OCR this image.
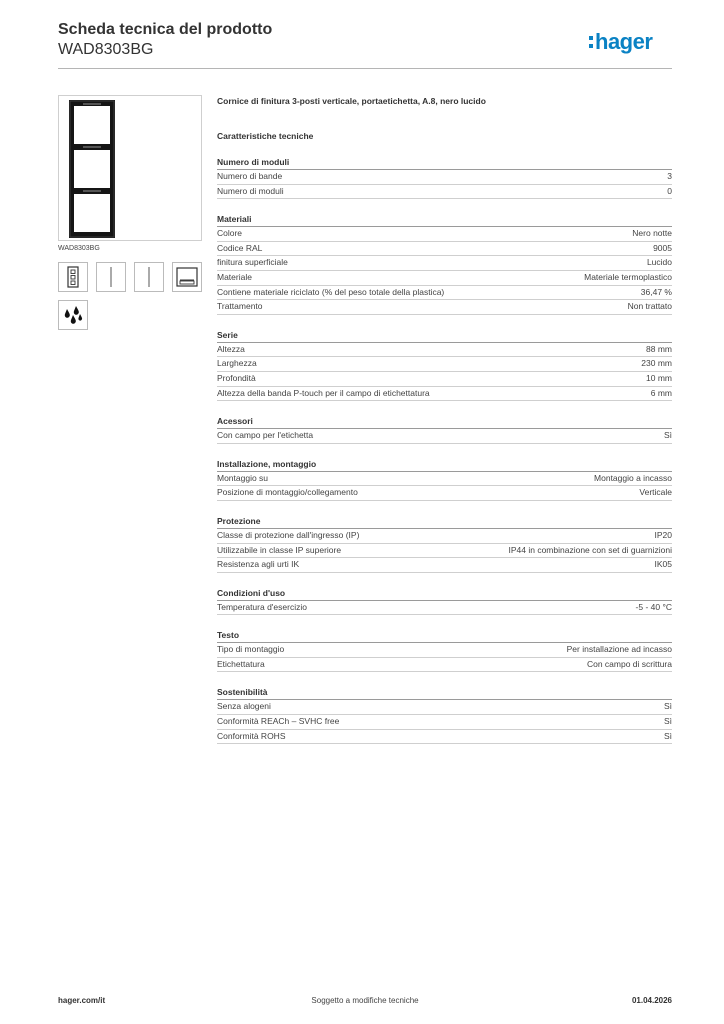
Scheda tecnica del prodotto
WAD8303BG	hager
WAD8303BG
Cornice di finitura 3-posti verticale, portaetichetta, A.8, nero lucido
Caratteristiche tecniche
Numero di moduli
Numero di bande	3
Numero di moduli	0
Materiali
Colore	Nero notte
Codice RAL	9005
finitura superficiale	Lucido
Materiale	Materiale termoplastico
Contiene materiale riciclato (% del peso totale della plastica)	36,47 %
Trattamento	Non trattato
Serie
Altezza	88 mm
Larghezza	230 mm
Profondità	10 mm
Altezza della banda P-touch per il campo di etichettatura	6 mm
Acessori
Con campo per l'etichetta	Sì
Installazione, montaggio
Montaggio su	Montaggio a incasso
Posizione di montaggio/collegamento	Verticale
Protezione
Classe di protezione dall'ingresso (IP)	IP20
Utilizzabile in classe IP superiore	IP44 in combinazione con set di guarnizioni
Resistenza agli urti IK	IK05
Condizioni d'uso
Temperatura d'esercizio	-5 - 40 °C
Testo
Tipo di montaggio	Per installazione ad incasso
Etichettatura	Con campo di scrittura
Sostenibilità
Senza alogeni	Sì
Conformità REACh – SVHC free	Sì
Conformità ROHS	Sì
Soggetto a modifiche tecniche
hager.com/it	01.04.2026
